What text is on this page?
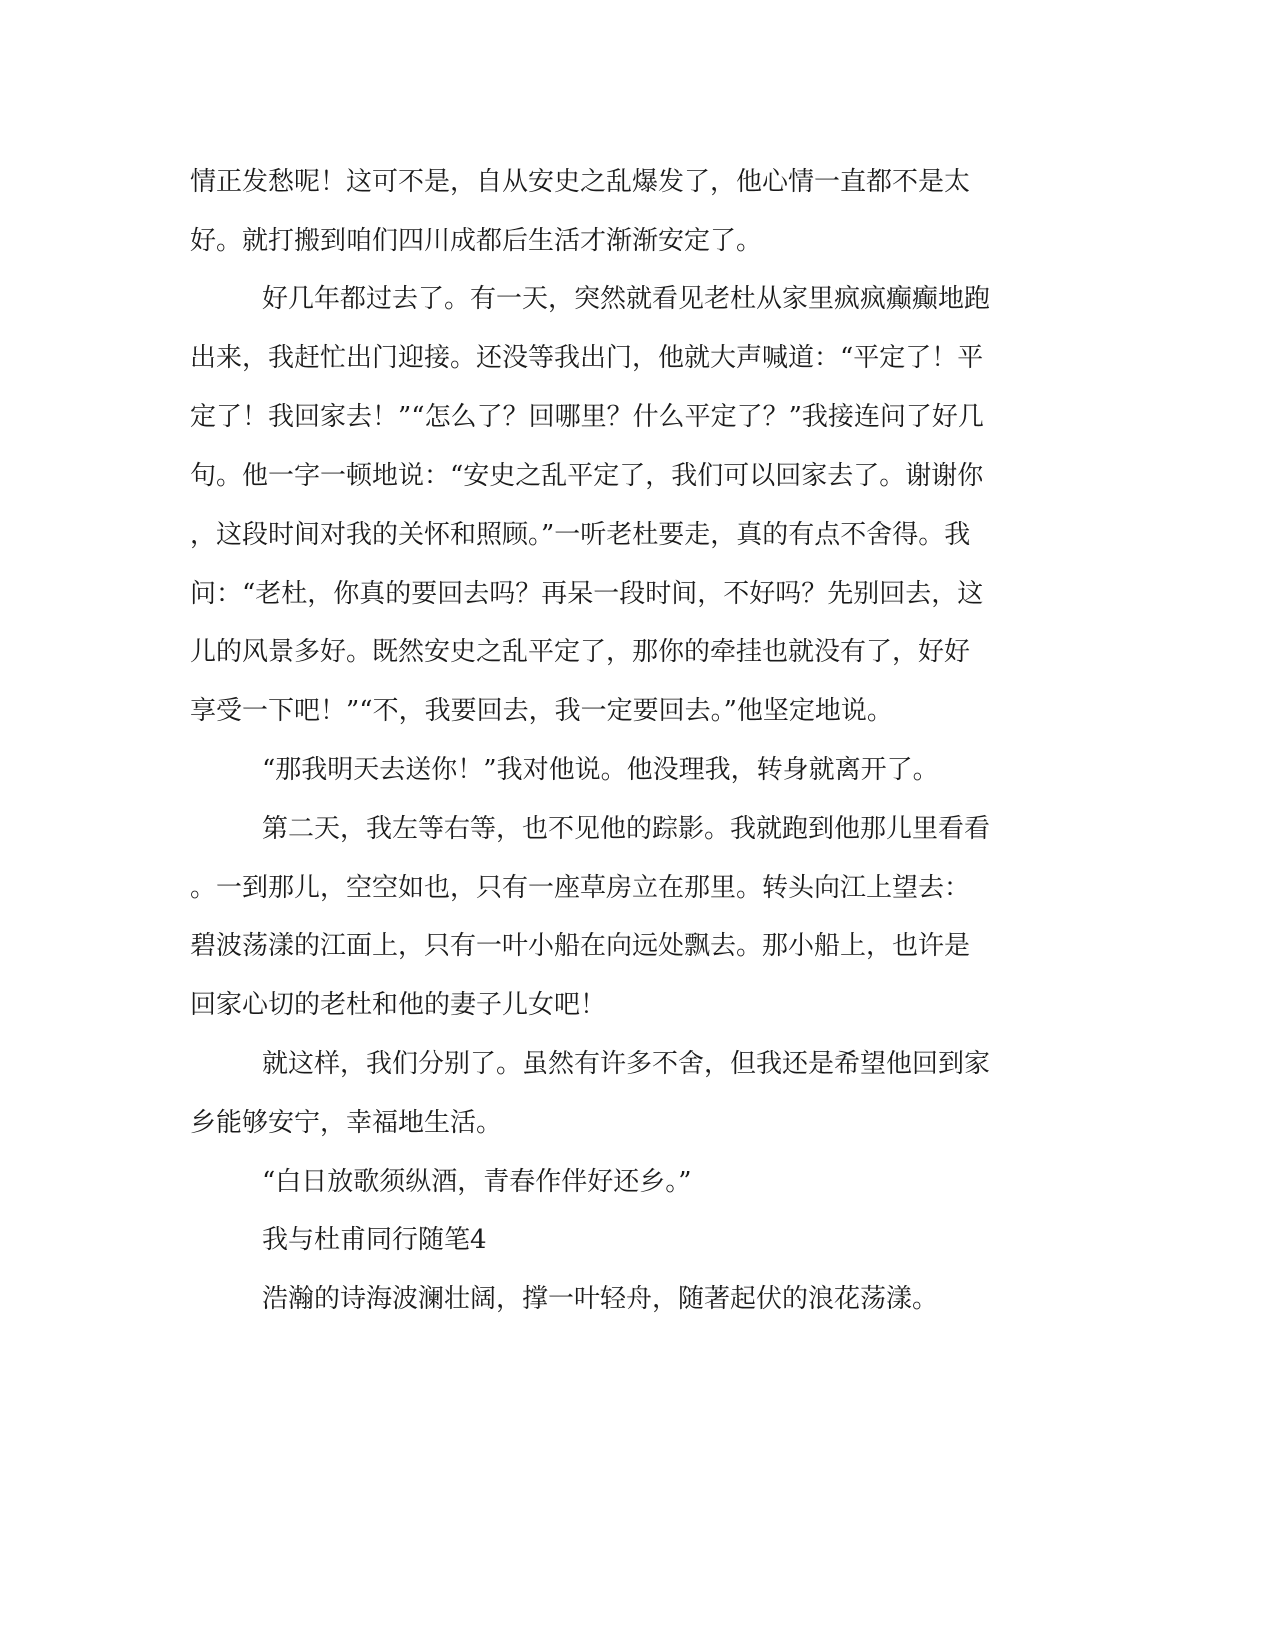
情正发愁呢！这可不是，自从安史之乱爆发了，他心情一直都不是太
好。就打搬到咱们四川成都后生活才渐渐安定了。
好几年都过去了。有一天，突然就看见老杜从家里疯疯癫癫地跑
出来，我赶忙出门迎接。还没等我出门，他就大声喊道：“平定了！平
定了！我回家去！”“怎么了？回哪里？什么平定了？”我接连问了好几
句。他一字一顿地说：“安史之乱平定了，我们可以回家去了。谢谢你
，这段时间对我的关怀和照顾。”一听老杜要走，真的有点不舍得。我
问：“老杜，你真的要回去吗？再呆一段时间，不好吗？先别回去，这
儿的风景多好。既然安史之乱平定了，那你的牵挂也就没有了，好好
享受一下吧！”“不，我要回去，我一定要回去。”他坚定地说。
“那我明天去送你！”我对他说。他没理我，转身就离开了。
第二天，我左等右等，也不见他的踪影。我就跑到他那儿里看看
。一到那儿，空空如也，只有一座草房立在那里。转头向江上望去：
碧波荡漾的江面上，只有一叶小船在向远处飘去。那小船上，也许是
回家心切的老杜和他的妻子儿女吧！
就这样，我们分别了。虽然有许多不舍，但我还是希望他回到家
乡能够安宁，幸福地生活。
“白日放歌须纵酒，青春作伴好还乡。”
我与杜甫同行随笔4
浩瀚的诗海波澜壮阔，撑一叶轻舟，随著起伏的浪花荡漾。
